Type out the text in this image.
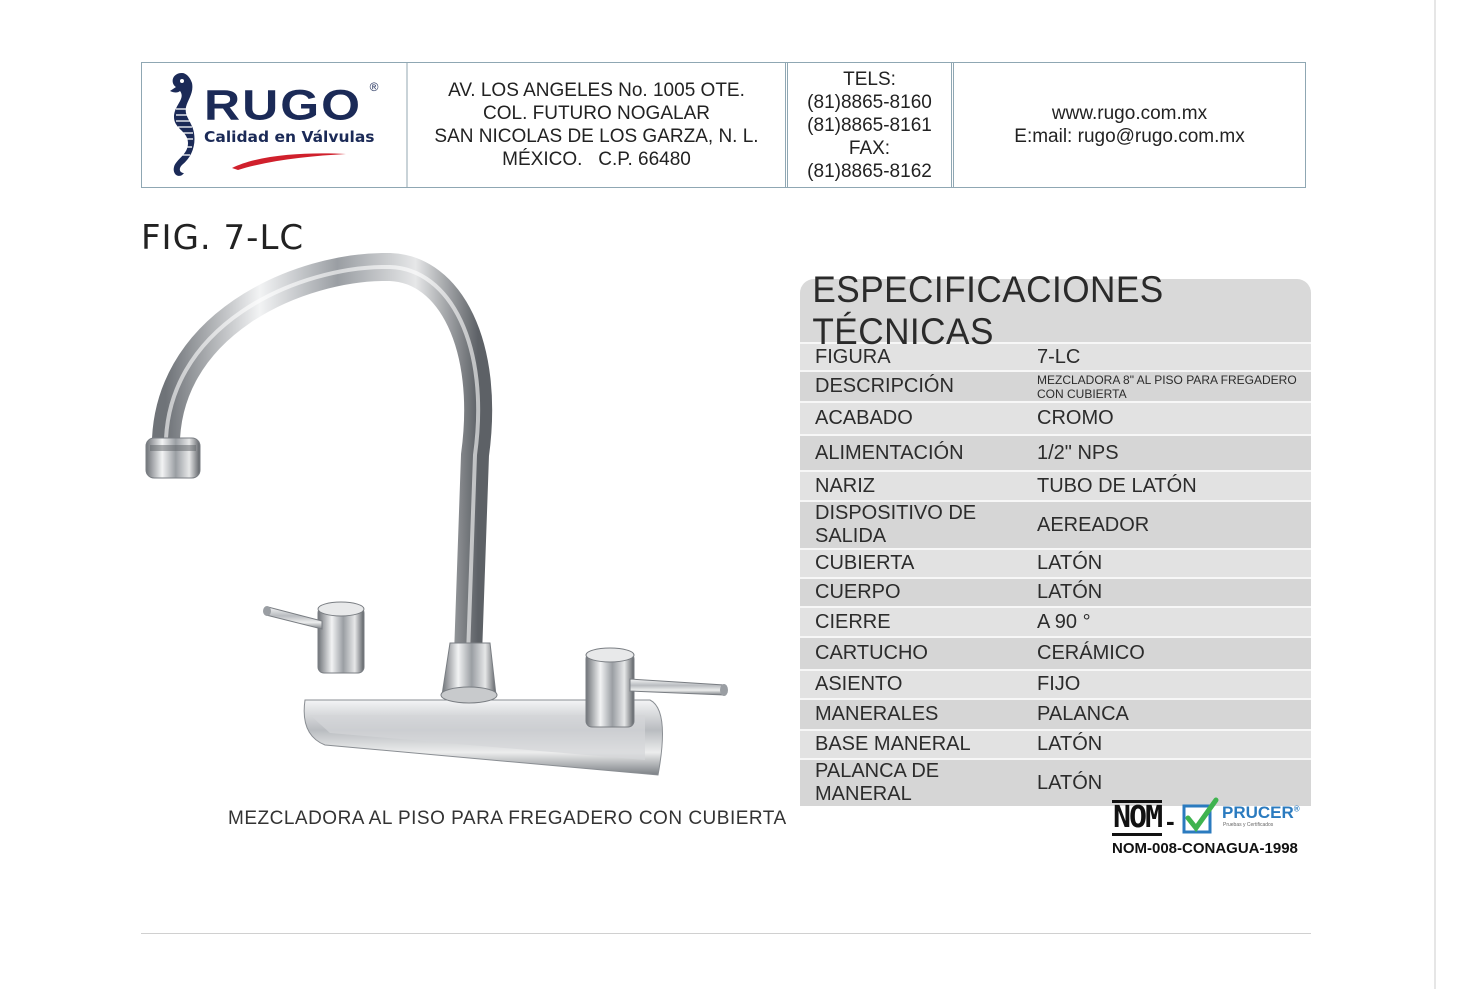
RUGO ®
Calidad en Válvulas
AV. LOS ANGELES No. 1005 OTE.
COL. FUTURO NOGALAR
SAN NICOLAS DE LOS GARZA, N. L.
MÉXICO.   C.P. 66480
TELS:
(81)8865-8160
(81)8865-8161
FAX:
(81)8865-8162
www.rugo.com.mx
E:mail: rugo@rugo.com.mx
FIG. 7-LC
MEZCLADORA AL PISO PARA FREGADERO CON CUBIERTA
ESPECIFICACIONES TÉCNICAS
FIGURA	7-LC
DESCRIPCIÓN	MEZCLADORA 8" AL PISO PARA FREGADERO
CON CUBIERTA
ACABADO	CROMO
ALIMENTACIÓN	1/2" NPS
NARIZ	TUBO DE LATÓN
DISPOSITIVO DE SALIDA	AEREADOR
CUBIERTA	LATÓN
CUERPO	LATÓN
CIERRE	A 90 °
CARTUCHO	CERÁMICO
ASIENTO	FIJO
MANERALES	PALANCA
BASE MANERAL	LATÓN
PALANCA DE MANERAL	LATÓN
NOM -	PRUCER®
Pruebas y Certificados
NOM-008-CONAGUA-1998
